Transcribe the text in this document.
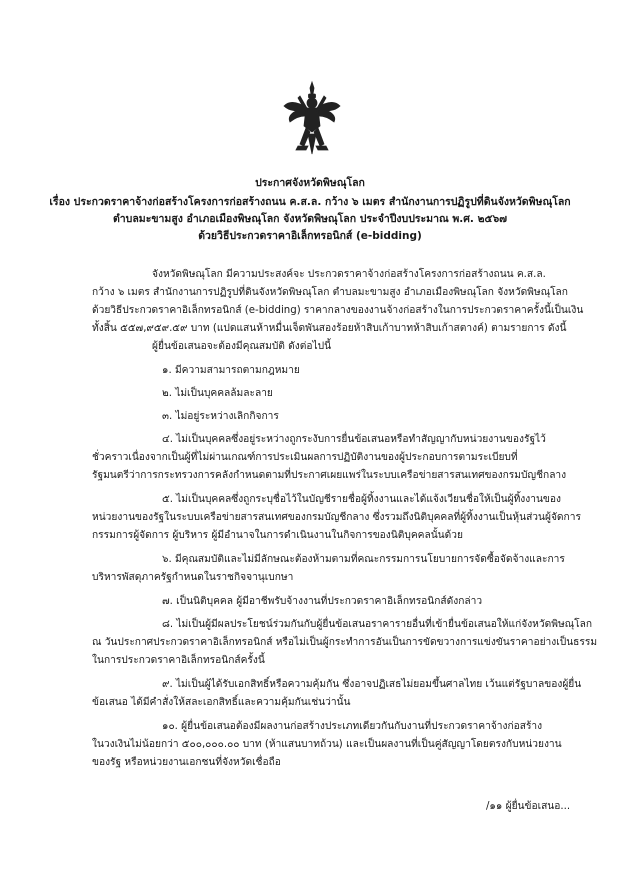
ประกาศจังหวัดพิษณุโลก
เรื่อง ประกวดราคาจ้างก่อสร้างโครงการก่อสร้างถนน ค.ส.ล. กว้าง ๖ เมตร สำนักงานการปฏิรูปที่ดินจังหวัดพิษณุโลก
ตำบลมะขามสูง อำเภอเมืองพิษณุโลก จังหวัดพิษณุโลก ประจำปีงบประมาณ พ.ศ. ๒๕๖๗
ด้วยวิธีประกวดราคาอิเล็กทรอนิกส์ (e-bidding)
จังหวัดพิษณุโลก มีความประสงค์จะ ประกวดราคาจ้างก่อสร้างโครงการก่อสร้างถนน ค.ส.ล.
กว้าง ๖ เมตร สำนักงานการปฏิรูปที่ดินจังหวัดพิษณุโลก ตำบลมะขามสูง อำเภอเมืองพิษณุโลก จังหวัดพิษณุโลก
ด้วยวิธีประกวดราคาอิเล็กทรอนิกส์ (e-bidding) ราคากลางของงานจ้างก่อสร้างในการประกวดราคาครั้งนี้เป็นเงิน
ทั้งสิ้น ๕๕๗,๙๕๙.๕๙ บาท (แปดแสนห้าหมื่นเจ็ดพันสองร้อยห้าสิบเก้าบาทห้าสิบเก้าสตางค์) ตามรายการ ดังนี้
ผู้ยื่นข้อเสนอจะต้องมีคุณสมบัติ ดังต่อไปนี้
๑. มีความสามารถตามกฎหมาย
๒. ไม่เป็นบุคคลล้มละลาย
๓. ไม่อยู่ระหว่างเลิกกิจการ
๔. ไม่เป็นบุคคลซึ่งอยู่ระหว่างถูกระงับการยื่นข้อเสนอหรือทำสัญญากับหน่วยงานของรัฐไว้
ชั่วคราวเนื่องจากเป็นผู้ที่ไม่ผ่านเกณฑ์การประเมินผลการปฏิบัติงานของผู้ประกอบการตามระเบียบที่
รัฐมนตรีว่าการกระทรวงการคลังกำหนดตามที่ประกาศเผยแพร่ในระบบเครือข่ายสารสนเทศของกรมบัญชีกลาง
๕. ไม่เป็นบุคคลซึ่งถูกระบุชื่อไว้ในบัญชีรายชื่อผู้ทิ้งงานและได้แจ้งเวียนชื่อให้เป็นผู้ทิ้งงานของ
หน่วยงานของรัฐในระบบเครือข่ายสารสนเทศของกรมบัญชีกลาง ซึ่งรวมถึงนิติบุคคลที่ผู้ทิ้งงานเป็นหุ้นส่วนผู้จัดการ
กรรมการผู้จัดการ ผู้บริหาร ผู้มีอำนาจในการดำเนินงานในกิจการของนิติบุคคลนั้นด้วย
๖. มีคุณสมบัติและไม่มีลักษณะต้องห้ามตามที่คณะกรรมการนโยบายการจัดซื้อจัดจ้างและการ
บริหารพัสดุภาครัฐกำหนดในราชกิจจานุเบกษา
๗. เป็นนิติบุคคล ผู้มีอาชีพรับจ้างงานที่ประกวดราคาอิเล็กทรอนิกส์ดังกล่าว
๘. ไม่เป็นผู้มีผลประโยชน์ร่วมกันกับผู้ยื่นข้อเสนอราคารายอื่นที่เข้ายื่นข้อเสนอให้แก่จังหวัดพิษณุโลก
ณ วันประกาศประกวดราคาอิเล็กทรอนิกส์ หรือไม่เป็นผู้กระทำการอันเป็นการขัดขวางการแข่งขันราคาอย่างเป็นธรรม
ในการประกวดราคาอิเล็กทรอนิกส์ครั้งนี้
๙. ไม่เป็นผู้ได้รับเอกสิทธิ์หรือความคุ้มกัน ซึ่งอาจปฏิเสธไม่ยอมขึ้นศาลไทย เว้นแต่รัฐบาลของผู้ยื่น
ข้อเสนอ ได้มีคำสั่งให้สละเอกสิทธิ์และความคุ้มกันเช่นว่านั้น
๑๐. ผู้ยื่นข้อเสนอต้องมีผลงานก่อสร้างประเภทเดียวกันกับงานที่ประกวดราคาจ้างก่อสร้าง
ในวงเงินไม่น้อยกว่า ๕๐๐,๐๐๐.๐๐ บาท (ห้าแสนบาทถ้วน) และเป็นผลงานที่เป็นคู่สัญญาโดยตรงกับหน่วยงาน
ของรัฐ หรือหน่วยงานเอกชนที่จังหวัดเชื่อถือ
/๑๑ ผู้ยื่นข้อเสนอ...
